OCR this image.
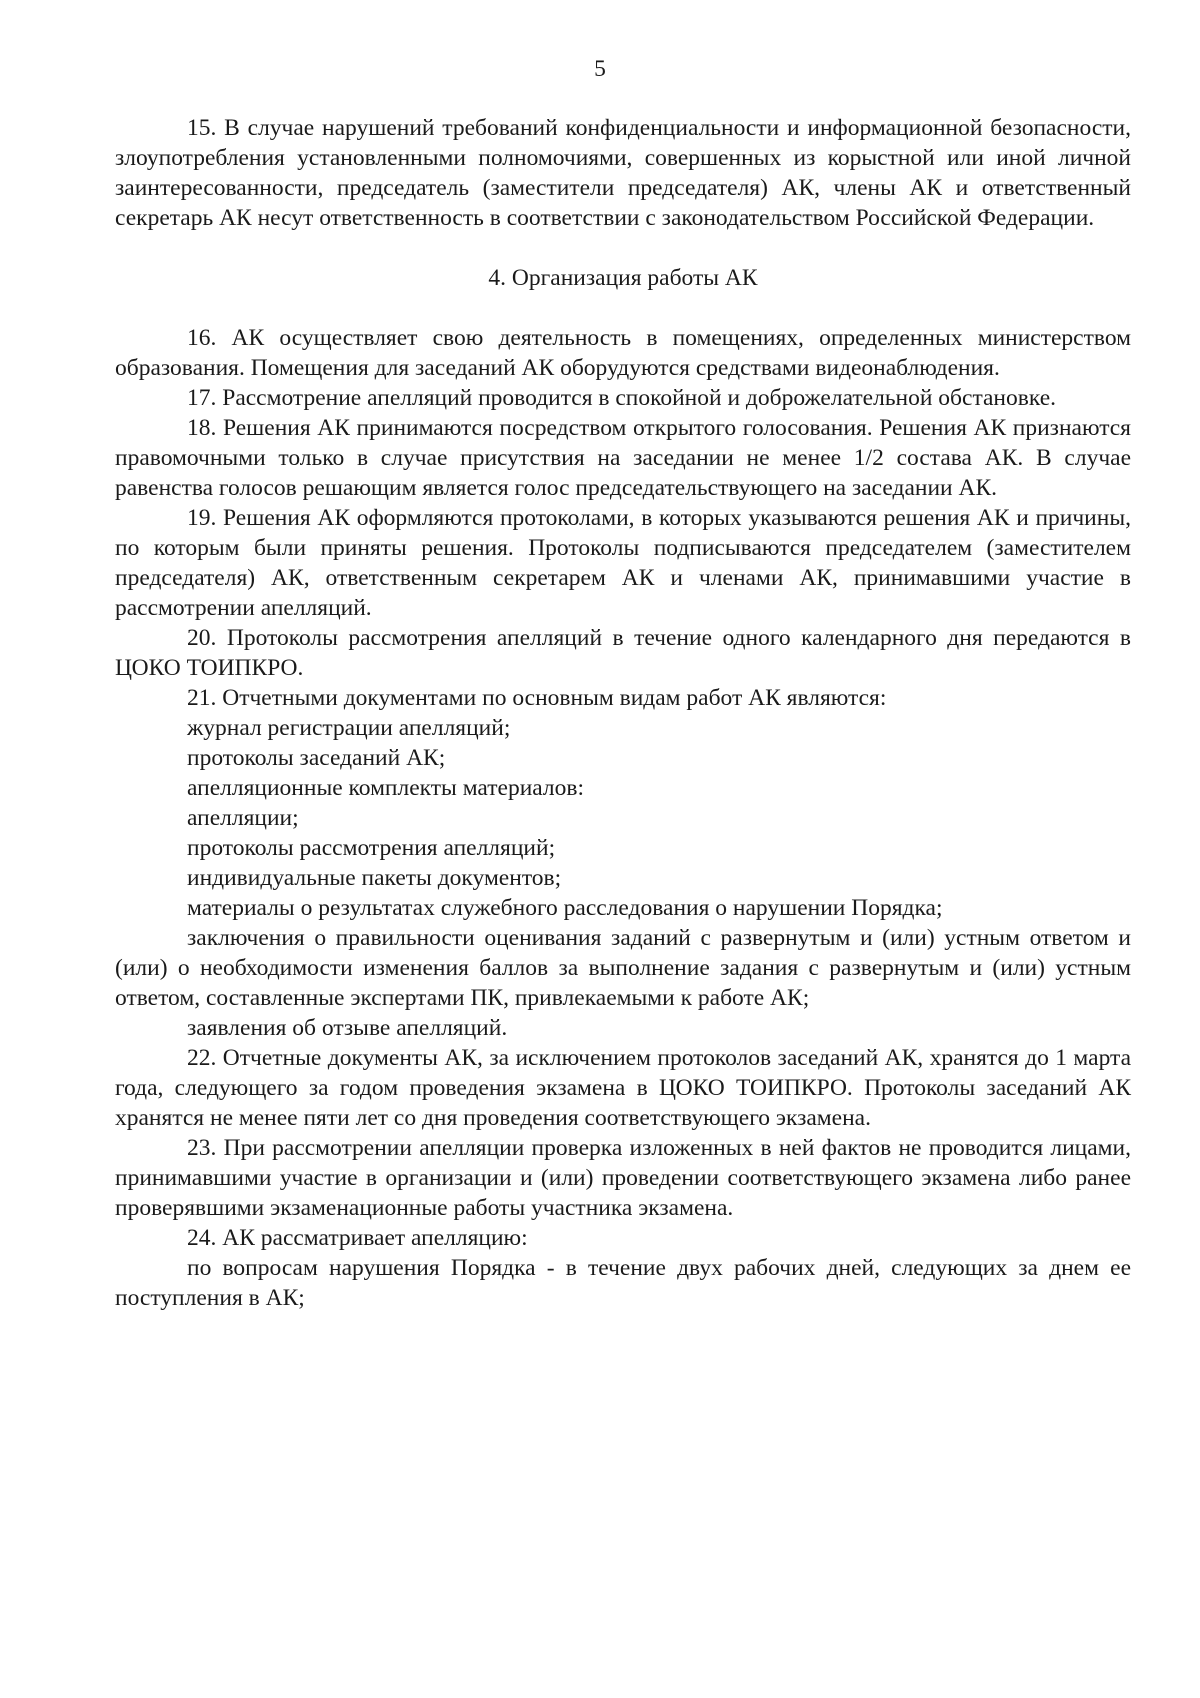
5

15. В случае нарушений требований конфиденциальности и информационной безопасности, злоупотребления установленными полномочиями, совершенных из корыстной или иной личной заинтересованности, председатель (заместители председателя) АК, члены АК и ответственный секретарь АК несут ответственность в соответствии с законодательством Российской Федерации.

4. Организация работы АК

16. АК осуществляет свою деятельность в помещениях, определенных министерством образования. Помещения для заседаний АК оборудуются средствами видеонаблюдения.

17. Рассмотрение апелляций проводится в спокойной и доброжелательной обстановке.

18. Решения АК принимаются посредством открытого голосования. Решения АК признаются правомочными только в случае присутствия на заседании не менее 1/2 состава АК. В случае равенства голосов решающим является голос председательствующего на заседании АК.

19. Решения АК оформляются протоколами, в которых указываются решения АК и причины, по которым были приняты решения. Протоколы подписываются председателем (заместителем председателя) АК, ответственным секретарем АК и членами АК, принимавшими участие в рассмотрении апелляций.

20. Протоколы рассмотрения апелляций в течение одного календарного дня передаются в ЦОКО ТОИПКРО.

21. Отчетными документами по основным видам работ АК являются:

журнал регистрации апелляций;

протоколы заседаний АК;

апелляционные комплекты материалов:

апелляции;

протоколы рассмотрения апелляций;

индивидуальные пакеты документов;

материалы о результатах служебного расследования о нарушении Порядка;

заключения о правильности оценивания заданий с развернутым и (или) устным ответом и (или) о необходимости изменения баллов за выполнение задания с развернутым и (или) устным ответом, составленные экспертами ПК, привлекаемыми к работе АК;

заявления об отзыве апелляций.

22. Отчетные документы АК, за исключением протоколов заседаний АК, хранятся до 1 марта года, следующего за годом проведения экзамена в ЦОКО ТОИПКРО. Протоколы заседаний АК хранятся не менее пяти лет со дня проведения соответствующего экзамена.

23. При рассмотрении апелляции проверка изложенных в ней фактов не проводится лицами, принимавшими участие в организации и (или) проведении соответствующего экзамена либо ранее проверявшими экзаменационные работы участника экзамена.

24. АК рассматривает апелляцию:

по вопросам нарушения Порядка - в течение двух рабочих дней, следующих за днем ее поступления в АК;
